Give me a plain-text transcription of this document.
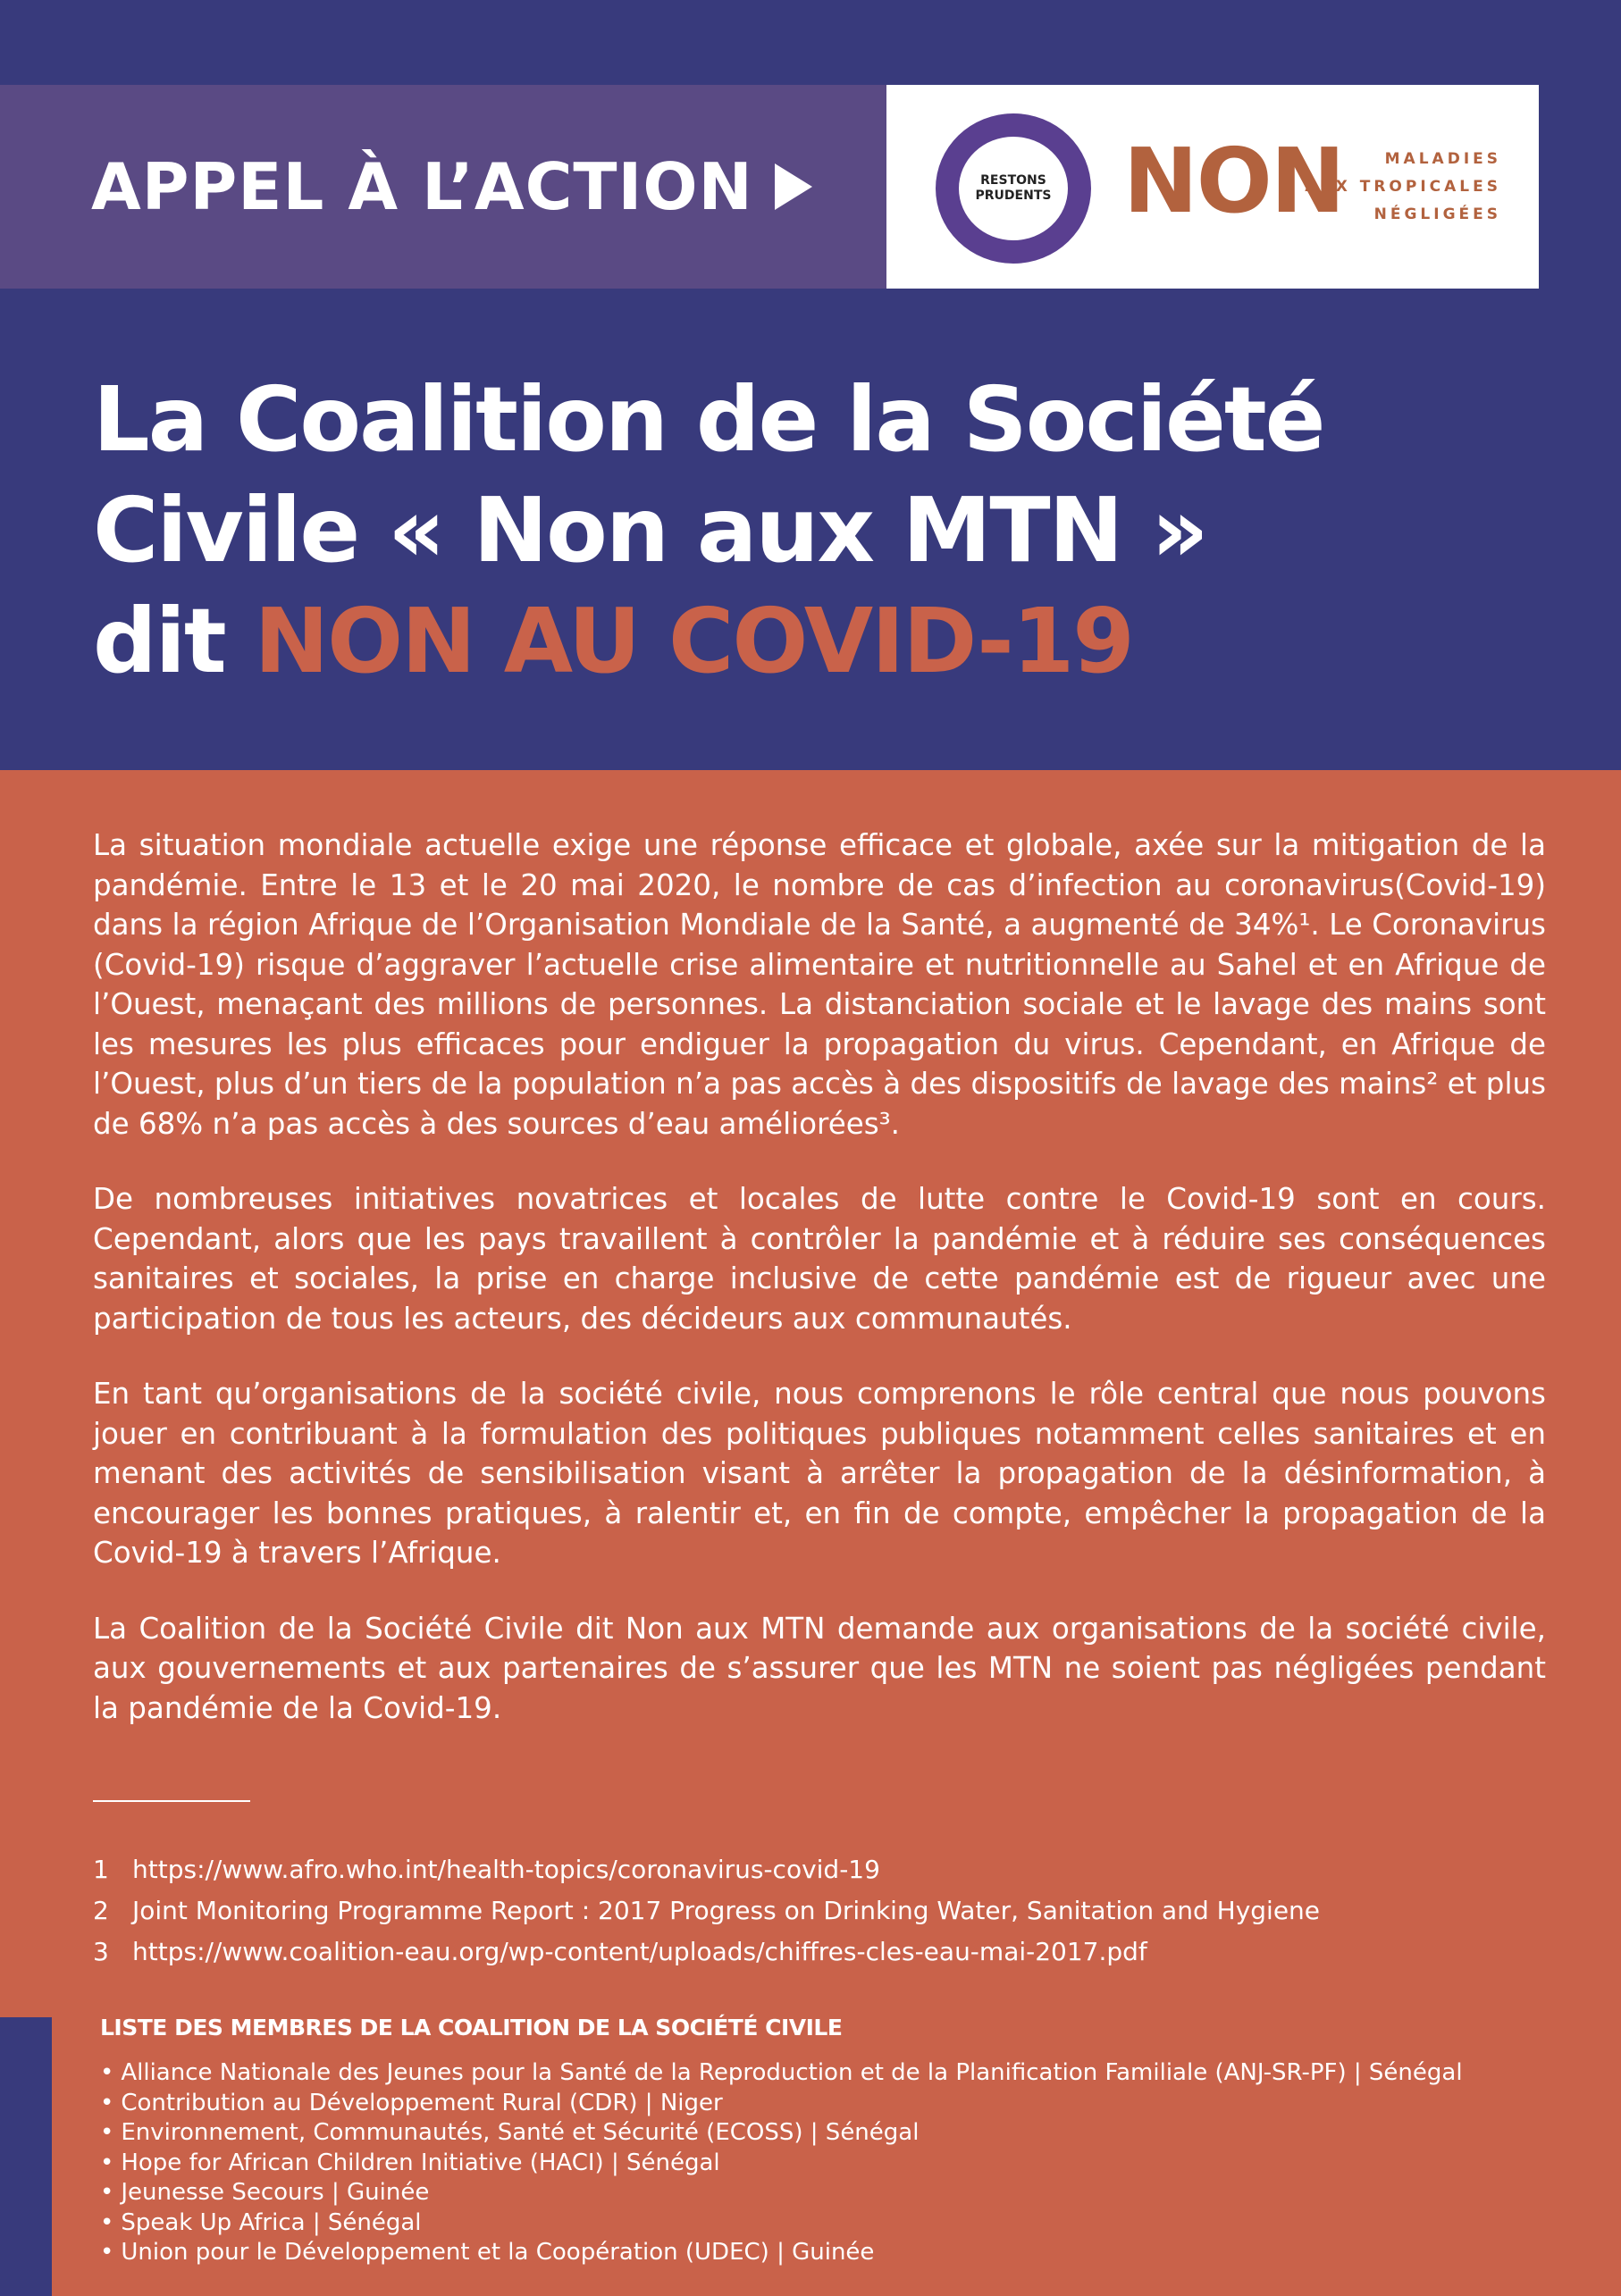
APPEL À L’ACTION	RESTONS
PRUDENTS NON	MALADIES
AUX TROPICALES
NÉGLIGÉES
La Coalition de la Société
Civile « Non aux MTN »
dit NON AU COVID-19

La situation mondiale actuelle exige une réponse efficace et globale, axée sur la mitigation de la pandémie. Entre le 13 et le 20 mai 2020, le nombre de cas d’infection au coronavirus(Covid-19) dans la région Afrique de l’Organisation Mondiale de la Santé, a augmenté de 34%¹. Le Coronavirus (Covid-19) risque d’aggraver l’actuelle crise alimentaire et nutritionnelle au Sahel et en Afrique de l’Ouest, menaçant des millions de personnes. La distanciation sociale et le lavage des mains sont les mesures les plus efficaces pour endiguer la propagation du virus. Cependant, en Afrique de l’Ouest, plus d’un tiers de la population n’a pas accès à des dispositifs de lavage des mains² et plus de 68% n’a pas accès à des sources d’eau améliorées³.

De nombreuses initiatives novatrices et locales de lutte contre le Covid-19 sont en cours. Cependant, alors que les pays travaillent à contrôler la pandémie et à réduire ses conséquences sanitaires et sociales, la prise en charge inclusive de cette pandémie est de rigueur avec une participation de tous les acteurs, des décideurs aux communautés.

En tant qu’organisations de la société civile, nous comprenons le rôle central que nous pouvons jouer en contribuant à la formulation des politiques publiques notamment celles sanitaires et en menant des activités de sensibilisation visant à arrêter la propagation de la désinformation, à encourager les bonnes pratiques, à ralentir et, en fin de compte, empêcher la propagation de la Covid-19 à travers l’Afrique.

La Coalition de la Société Civile dit Non aux MTN demande aux organisations de la société civile, aux gouvernements et aux partenaires de s’assurer que les MTN ne soient pas négligées pendant la pandémie de la Covid-19.

1 https://www.afro.who.int/health-topics/coronavirus-covid-19
2 Joint Monitoring Programme Report : 2017 Progress on Drinking Water, Sanitation and Hygiene
3 https://www.coalition-eau.org/wp-content/uploads/chiffres-cles-eau-mai-2017.pdf
LISTE DES MEMBRES DE LA COALITION DE LA SOCIÉTÉ CIVILE
• Alliance Nationale des Jeunes pour la Santé de la Reproduction et de la Planification Familiale (ANJ-SR-PF) | Sénégal
• Contribution au Développement Rural (CDR) | Niger
• Environnement, Communautés, Santé et Sécurité (ECOSS) | Sénégal
• Hope for African Children Initiative (HACI) | Sénégal
• Jeunesse Secours | Guinée
• Speak Up Africa | Sénégal
• Union pour le Développement et la Coopération (UDEC) | Guinée
